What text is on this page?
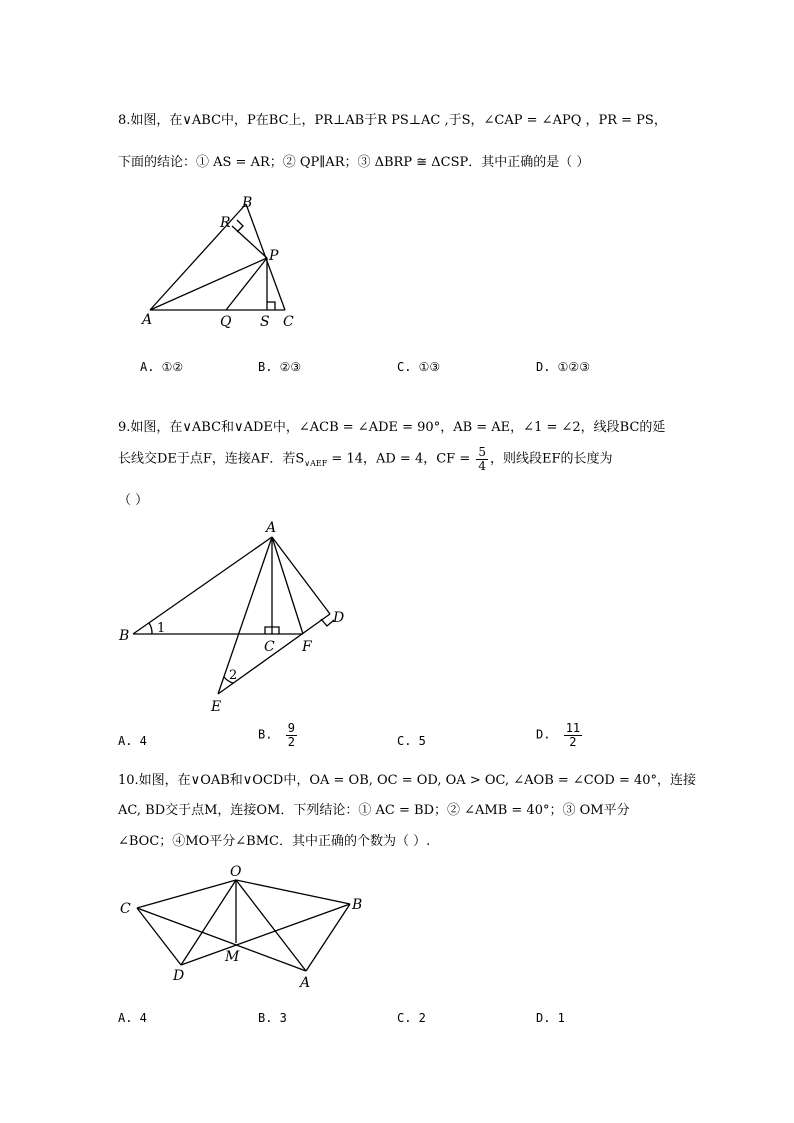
8.如图，在∨ABC中，P在BC上，PR⊥AB于R PS⊥AC ,于S，∠CAP = ∠APQ ，PR = PS，
下面的结论：① AS = AR；② QP∥AR；③ ΔBRP ≅ ΔCSP．其中正确的是（ ）
B
R
P
A	Q S C
A. ①②	B. ②③	C. ①③	D. ①②③
9.如图，在∨ABC和∨ADE中，∠ACB = ∠ADE = 90°，AB = AE，∠1 = ∠2，线段BC的延
长线交DE于点F，连接AF．若$S_{\vee AEF} = 14$，AD = 4，CF = $\frac{5}{4}$ ，则线段EF的长度为
（ ）
A
B 1
C F
D
2
E
A. 4	B. $\frac{9}{2}$	C. 5	D. $\frac{11}{2}$
10.如图，在∨OAB和∨OCD中，OA = OB, OC = OD, OA > OC, ∠AOB = ∠COD = 40°，连接
AC, BD交于点M，连接OM．下列结论：① AC = BD；② ∠AMB = 40°；③ OM平分
∠BOC；④MO平分∠BMC．其中正确的个数为（ ）.
O
C	B
M
D	A
A. 4	B. 3	C. 2	D. 1
